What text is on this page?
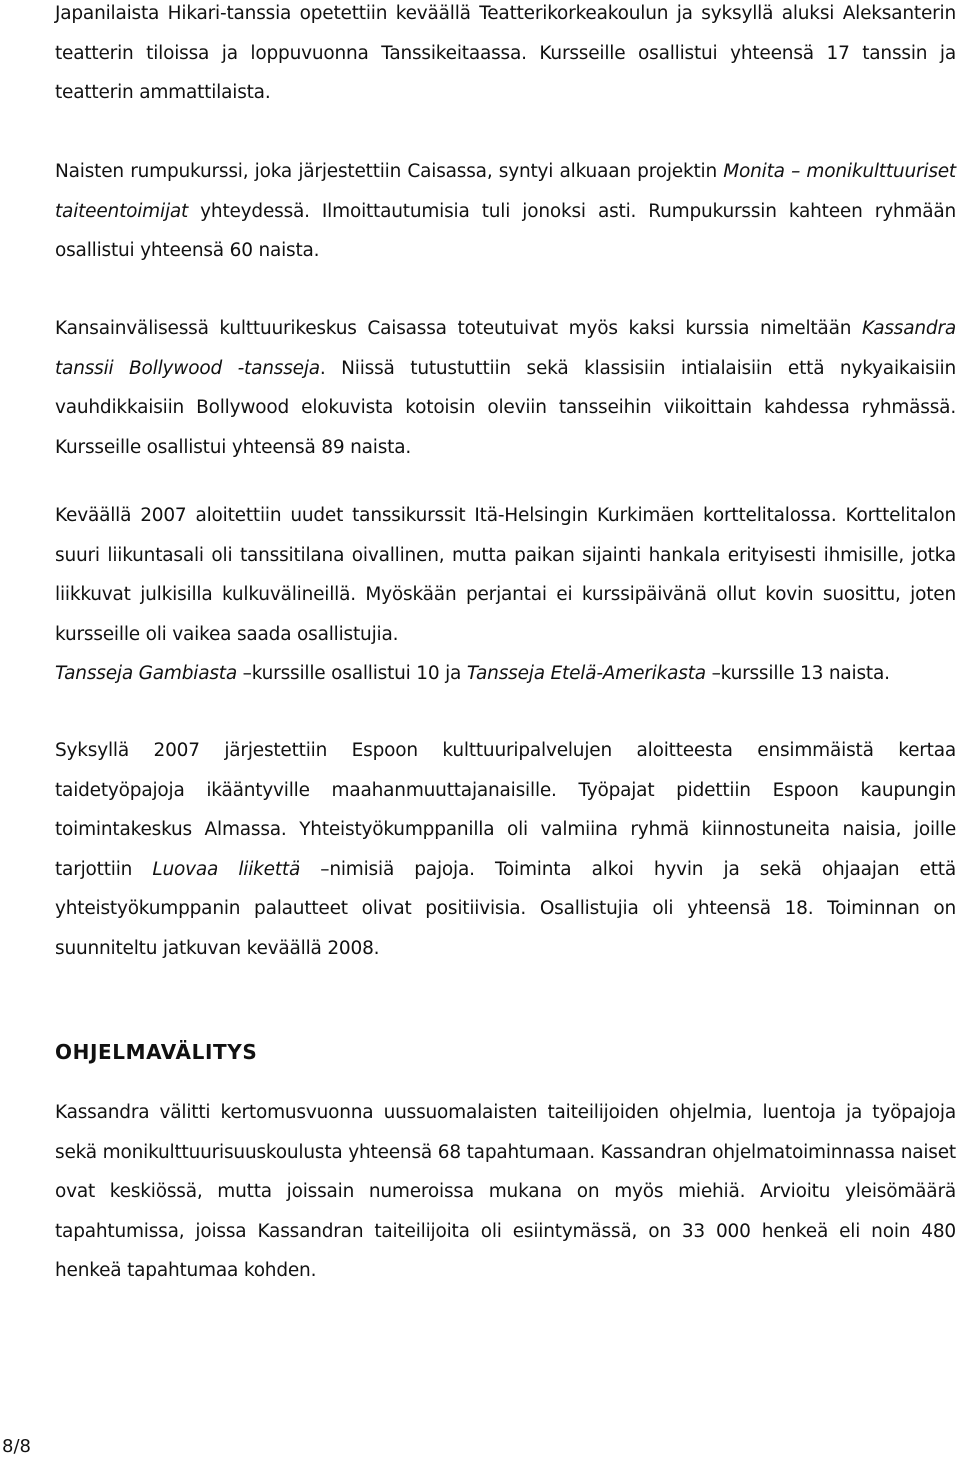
Japanilaista Hikari-tanssia opetettiin keväällä Teatterikorkeakoulun ja syksyllä aluksi Aleksanterin teatterin tiloissa ja loppuvuonna Tanssikeitaassa. Kursseille osallistui yhteensä 17 tanssin ja teatterin ammattilaista.

Naisten rumpukurssi, joka järjestettiin Caisassa, syntyi alkuaan projektin Monita – monikulttuuriset taiteentoimijat yhteydessä. Ilmoittautumisia tuli jonoksi asti. Rumpukurssin kahteen ryhmään osallistui yhteensä 60 naista.

Kansainvälisessä kulttuurikeskus Caisassa toteutuivat myös kaksi kurssia nimeltään Kassandra tanssii Bollywood -tansseja. Niissä tutustuttiin sekä klassisiin intialaisiin että nykyaikaisiin vauhdikkaisiin Bollywood elokuvista kotoisin oleviin tansseihin viikoittain kahdessa ryhmässä. Kursseille osallistui yhteensä 89 naista.

Keväällä 2007 aloitettiin uudet tanssikurssit Itä-Helsingin Kurkimäen korttelitalossa. Korttelitalon suuri liikuntasali oli tanssitilana oivallinen, mutta paikan sijainti hankala erityisesti ihmisille, jotka liikkuvat julkisilla kulkuvälineillä. Myöskään perjantai ei kurssipäivänä ollut kovin suosittu, joten kursseille oli vaikea saada osallistujia.
Tansseja Gambiasta –kurssille osallistui 10 ja Tansseja Etelä-Amerikasta –kurssille 13 naista.

Syksyllä 2007 järjestettiin Espoon kulttuuripalvelujen aloitteesta ensimmäistä kertaa taidetyöpajoja ikääntyville maahanmuuttajanaisille. Työpajat pidettiin Espoon kaupungin toimintakeskus Almassa. Yhteistyökumppanilla oli valmiina ryhmä kiinnostuneita naisia, joille tarjottiin Luovaa liikettä –nimisiä pajoja. Toiminta alkoi hyvin ja sekä ohjaajan että yhteistyökumppanin palautteet olivat positiivisia. Osallistujia oli yhteensä 18. Toiminnan on suunniteltu jatkuvan keväällä 2008.

OHJELMAVÄLITYS

Kassandra välitti kertomusvuonna uussuomalaisten taiteilijoiden ohjelmia, luentoja ja työpajoja sekä monikulttuurisuuskoulusta yhteensä 68 tapahtumaan. Kassandran ohjelmatoiminnassa naiset ovat keskiössä, mutta joissain numeroissa mukana on myös miehiä. Arvioitu yleisömäärä tapahtumissa, joissa Kassandran taiteilijoita oli esiintymässä, on 33 000 henkeä eli noin 480 henkeä tapahtumaa kohden.

8/8
